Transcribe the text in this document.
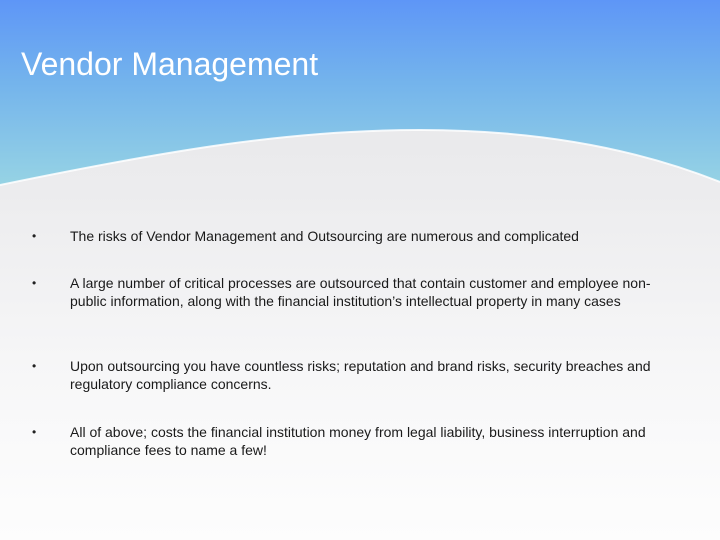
Vendor Management
• The risks of Vendor Management and Outsourcing are numerous and complicated
• A large number of critical processes are outsourced that contain customer and employee non-public information, along with the financial institution’s intellectual property in many cases
• Upon outsourcing you have countless risks; reputation and brand risks, security breaches and regulatory compliance concerns.
• All of above; costs the financial institution money from legal liability, business interruption and compliance fees to name a few!
